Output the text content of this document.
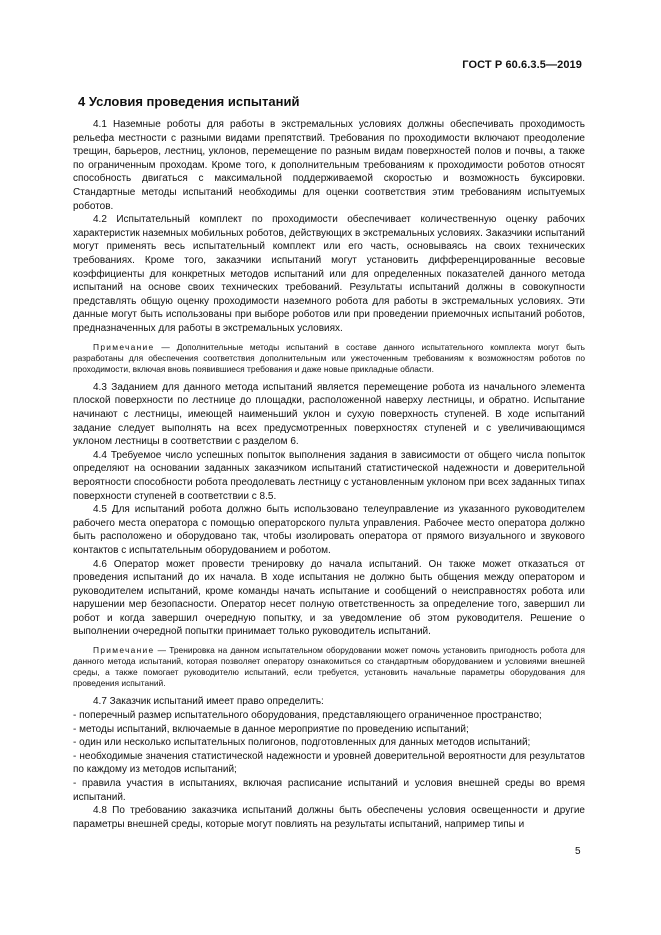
ГОСТ Р 60.6.3.5—2019
4 Условия проведения испытаний

4.1 Наземные роботы для работы в экстремальных условиях должны обеспечивать проходимость рельефа местности с разными видами препятствий. Требования по проходимости включают преодоление трещин, барьеров, лестниц, уклонов, перемещение по разным видам поверхностей полов и почвы, а также по ограниченным проходам. Кроме того, к дополнительным требованиям к проходимости роботов относят способность двигаться с максимальной поддерживаемой скоростью и возможность буксировки. Стандартные методы испытаний необходимы для оценки соответствия этим требованиям испытуемых роботов.

4.2 Испытательный комплект по проходимости обеспечивает количественную оценку рабочих характеристик наземных мобильных роботов, действующих в экстремальных условиях. Заказчики испытаний могут применять весь испытательный комплект или его часть, основываясь на своих технических требованиях. Кроме того, заказчики испытаний могут установить дифференцированные весовые коэффициенты для конкретных методов испытаний или для определенных показателей данного метода испытаний на основе своих технических требований. Результаты испытаний должны в совокупности представлять общую оценку проходимости наземного робота для работы в экстремальных условиях. Эти данные могут быть использованы при выборе роботов или при проведении приемочных испытаний роботов, предназначенных для работы в экстремальных условиях.

Примечание — Дополнительные методы испытаний в составе данного испытательного комплекта могут быть разработаны для обеспечения соответствия дополнительным или ужесточенным требованиям к возможностям роботов по проходимости, включая вновь появившиеся требования и даже новые прикладные области.

4.3 Заданием для данного метода испытаний является перемещение робота из начального элемента плоской поверхности по лестнице до площадки, расположенной наверху лестницы, и обратно. Испытание начинают с лестницы, имеющей наименьший уклон и сухую поверхность ступеней. В ходе испытаний задание следует выполнять на всех предусмотренных поверхностях ступеней и с увеличивающимся уклоном лестницы в соответствии с разделом 6.

4.4 Требуемое число успешных попыток выполнения задания в зависимости от общего числа попыток определяют на основании заданных заказчиком испытаний статистической надежности и доверительной вероятности способности робота преодолевать лестницу с установленным уклоном при всех заданных типах поверхности ступеней в соответствии с 8.5.

4.5 Для испытаний робота должно быть использовано телеуправление из указанного руководителем рабочего места оператора с помощью операторского пульта управления. Рабочее место оператора должно быть расположено и оборудовано так, чтобы изолировать оператора от прямого визуального и звукового контактов с испытательным оборудованием и роботом.

4.6 Оператор может провести тренировку до начала испытаний. Он также может отказаться от проведения испытаний до их начала. В ходе испытания не должно быть общения между оператором и руководителем испытаний, кроме команды начать испытание и сообщений о неисправностях робота или нарушении мер безопасности. Оператор несет полную ответственность за определение того, завершил ли робот и когда завершил очередную попытку, и за уведомление об этом руководителя. Решение о выполнении очередной попытки принимает только руководитель испытаний.

Примечание — Тренировка на данном испытательном оборудовании может помочь установить пригодность робота для данного метода испытаний, которая позволяет оператору ознакомиться со стандартным оборудованием и условиями внешней среды, а также помогает руководителю испытаний, если требуется, установить начальные параметры оборудования для проведения испытаний.

4.7 Заказчик испытаний имеет право определить:

- поперечный размер испытательного оборудования, представляющего ограниченное пространство;

- методы испытаний, включаемые в данное мероприятие по проведению испытаний;

- один или несколько испытательных полигонов, подготовленных для данных методов испытаний;

- необходимые значения статистической надежности и уровней доверительной вероятности для результатов по каждому из методов испытаний;

- правила участия в испытаниях, включая расписание испытаний и условия внешней среды во время испытаний.

4.8 По требованию заказчика испытаний должны быть обеспечены условия освещенности и другие параметры внешней среды, которые могут повлиять на результаты испытаний, например типы и

5
